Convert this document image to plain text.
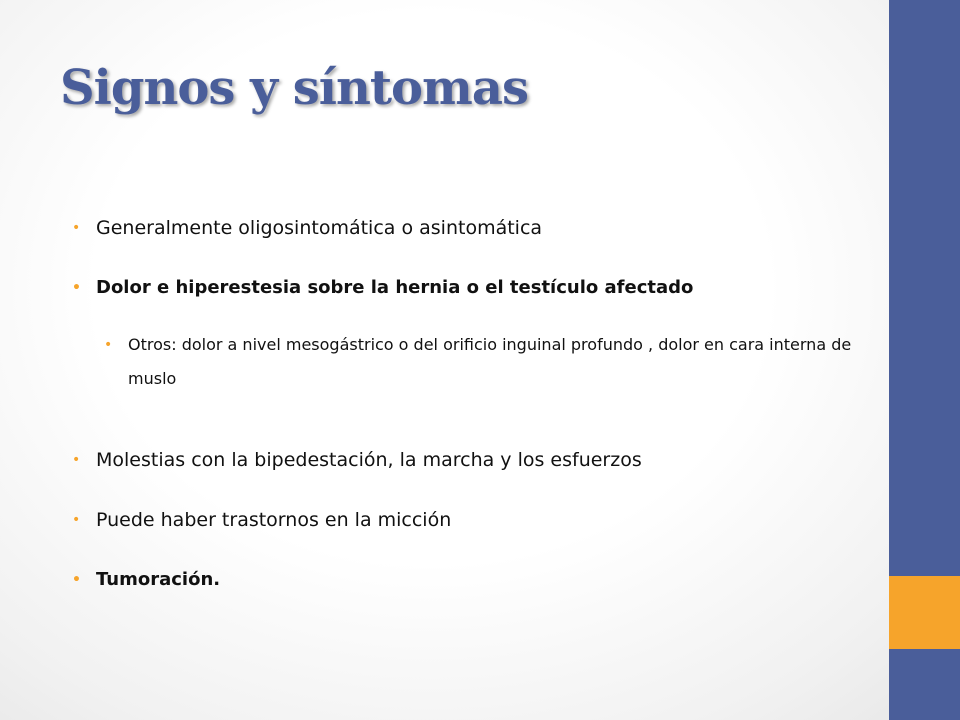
Signos y síntomas
• Generalmente oligosintomática o asintomática
• Dolor e hiperestesia sobre la hernia o el testículo afectado
• Otros: dolor a nivel mesogástrico o del orificio inguinal profundo , dolor en cara interna de muslo
• Molestias con la bipedestación, la marcha y los esfuerzos
• Puede haber trastornos en la micción
• Tumoración.
